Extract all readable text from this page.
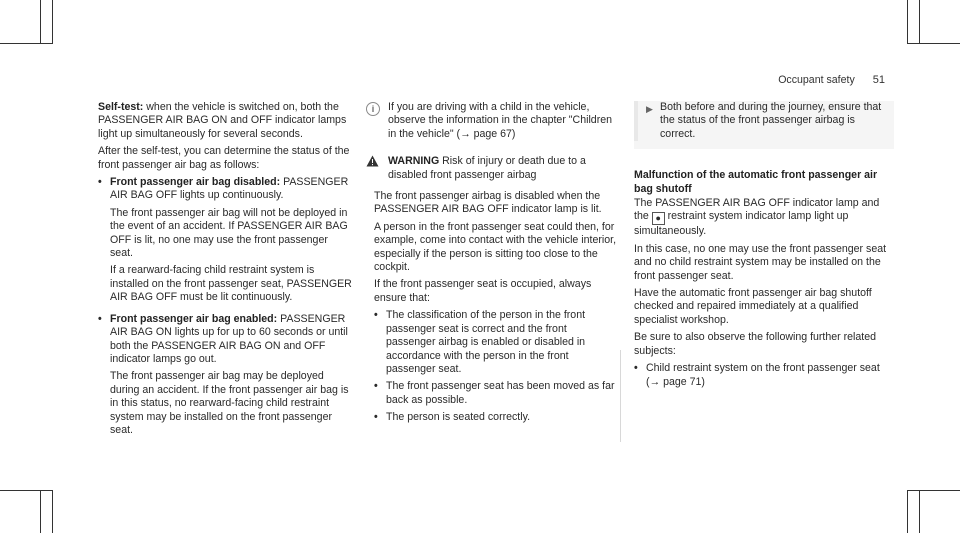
Occupant safety 51

Self-test: when the vehicle is switched on, both the PASSENGER AIR BAG ON and OFF indicator lamps light up simultaneously for several seconds.

After the self-test, you can determine the status of the front passenger air bag as follows:

• Front passenger air bag disabled: PASSENGER AIR BAG OFF lights up continuously.

The front passenger air bag will not be deployed in the event of an accident. If PASSENGER AIR BAG OFF is lit, no one may use the front passenger seat.

If a rearward-facing child restraint system is installed on the front passenger seat, PASSENGER AIR BAG OFF must be lit continuously.

• Front passenger air bag enabled: PASSENGER AIR BAG ON lights up for up to 60 seconds or until both the PASSENGER AIR BAG ON and OFF indicator lamps go out.

The front passenger air bag may be deployed during an accident. If the front passenger air bag is in this status, no rearward-facing child restraint system may be installed on the front passenger seat.

i	If you are driving with a child in the vehicle, observe the information in the chapter "Children in the vehicle" (→ page 67)
WARNING Risk of injury or death due to a disabled front passenger airbag

The front passenger airbag is disabled when the PASSENGER AIR BAG OFF indicator lamp is lit.

A person in the front passenger seat could then, for example, come into contact with the vehicle interior, especially if the person is sitting too close to the cockpit.

If the front passenger seat is occupied, always ensure that:

• The classification of the person in the front passenger seat is correct and the front passenger airbag is enabled or disabled in accordance with the person in the front passenger seat.
• The front passenger seat has been moved as far back as possible.
• The person is seated correctly.
▶ Both before and during the journey, ensure that the status of the front passenger airbag is correct.
Malfunction of the automatic front passenger air
bag shutoff

The PASSENGER AIR BAG OFF indicator lamp and the ● restraint system indicator lamp light up simultaneously.

In this case, no one may use the front passenger seat and no child restraint system may be installed on the front passenger seat.

Have the automatic front passenger air bag shutoff checked and repaired immediately at a qualified specialist workshop.

Be sure to also observe the following further related subjects:

• Child restraint system on the front passenger seat (→ page 71)
